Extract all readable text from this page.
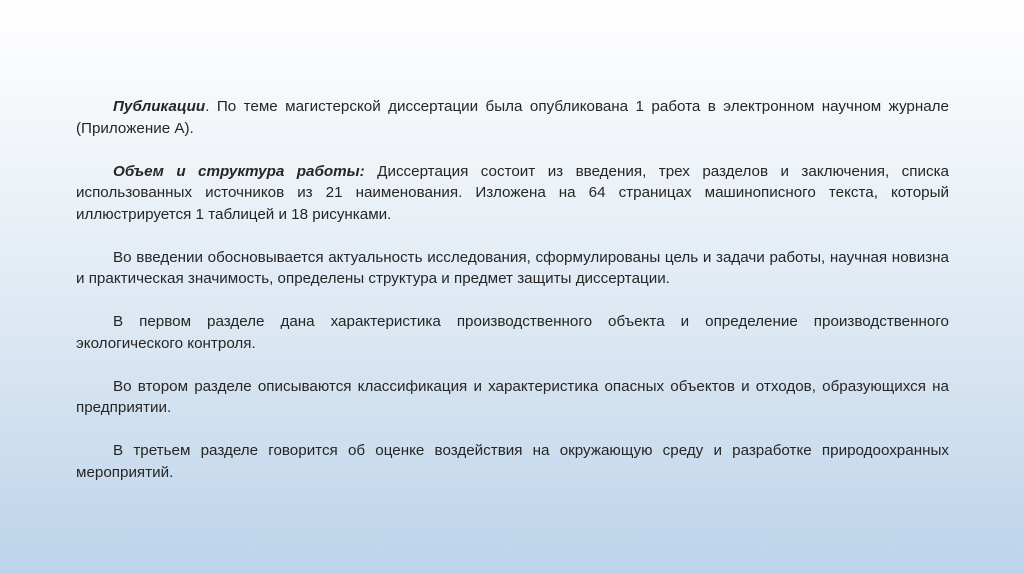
Публикации. По теме магистерской диссертации была опубликована 1 работа в электронном научном журнале (Приложение А).

Объем и структура работы: Диссертация состоит из введения, трех разделов и заключения, списка использованных источников из 21 наименования. Изложена на 64 страницах машинописного текста, который иллюстрируется 1 таблицей и 18 рисунками.

Во введении обосновывается актуальность исследования, сформулированы цель и задачи работы, научная новизна и практическая значимость, определены структура и предмет защиты диссертации.

В первом разделе дана характеристика производственного объекта и определение производственного экологического контроля.

Во втором разделе описываются классификация и характеристика опасных объектов и отходов, образующихся на предприятии.

В третьем разделе говорится об оценке воздействия на окружающую среду и разработке природоохранных мероприятий.
